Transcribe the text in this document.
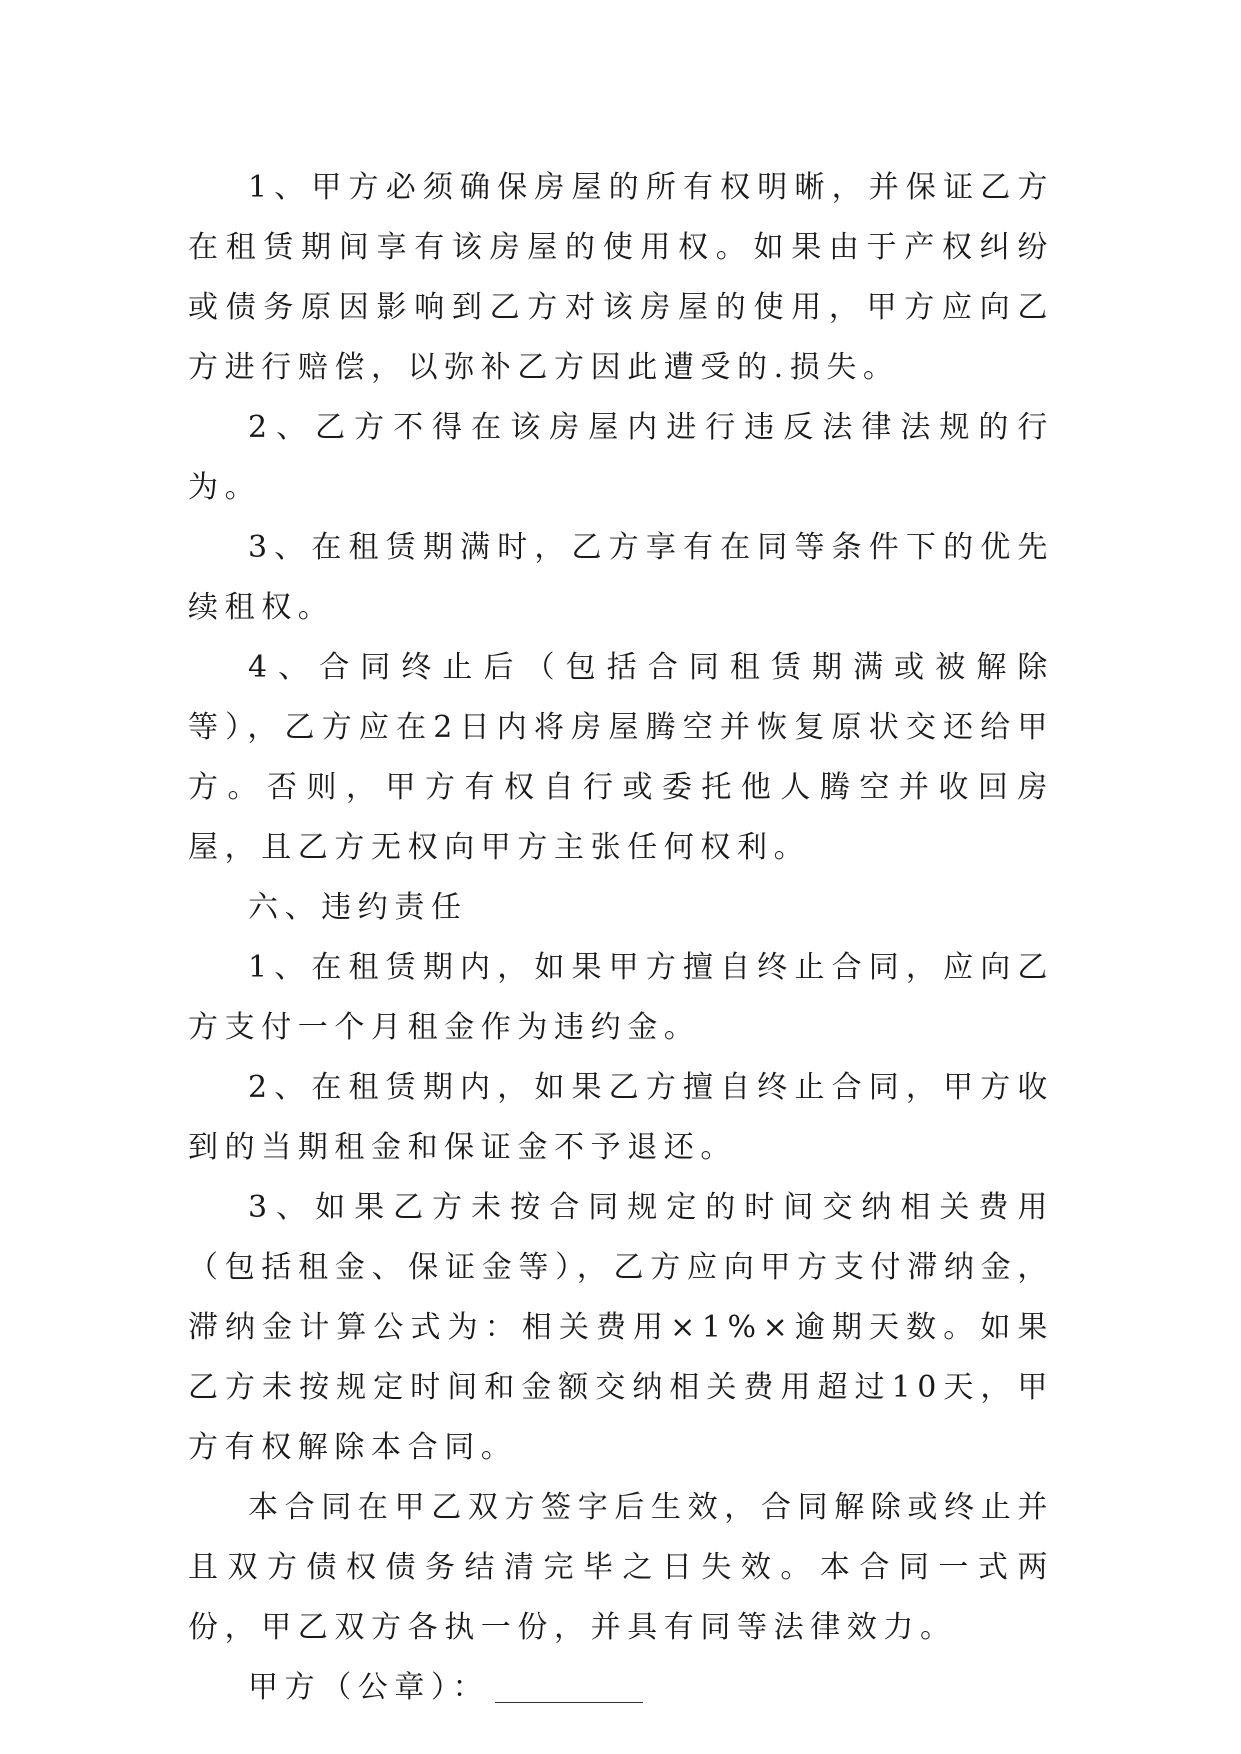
1、甲方必须确保房屋的所有权明晰，并保证乙方在租赁期间享有该房屋的使用权。如果由于产权纠纷或债务原因影响到乙方对该房屋的使用，甲方应向乙方进行赔偿，以弥补乙方因此遭受的.损失。

2、乙方不得在该房屋内进行违反法律法规的行为。

3、在租赁期满时，乙方享有在同等条件下的优先续租权。

4、合同终止后（包括合同租赁期满或被解除等），乙方应在2日内将房屋腾空并恢复原状交还给甲方。否则，甲方有权自行或委托他人腾空并收回房屋，且乙方无权向甲方主张任何权利。

六、违约责任

1、在租赁期内，如果甲方擅自终止合同，应向乙方支付一个月租金作为违约金。

2、在租赁期内，如果乙方擅自终止合同，甲方收到的当期租金和保证金不予退还。

3、如果乙方未按合同规定的时间交纳相关费用（包括租金、保证金等），乙方应向甲方支付滞纳金，滞纳金计算公式为：相关费用×1%×逾期天数。如果乙方未按规定时间和金额交纳相关费用超过10天，甲方有权解除本合同。

本合同在甲乙双方签字后生效，合同解除或终止并且双方债权债务结清完毕之日失效。本合同一式两份，甲乙双方各执一份，并具有同等法律效力。

甲方（公章）：
